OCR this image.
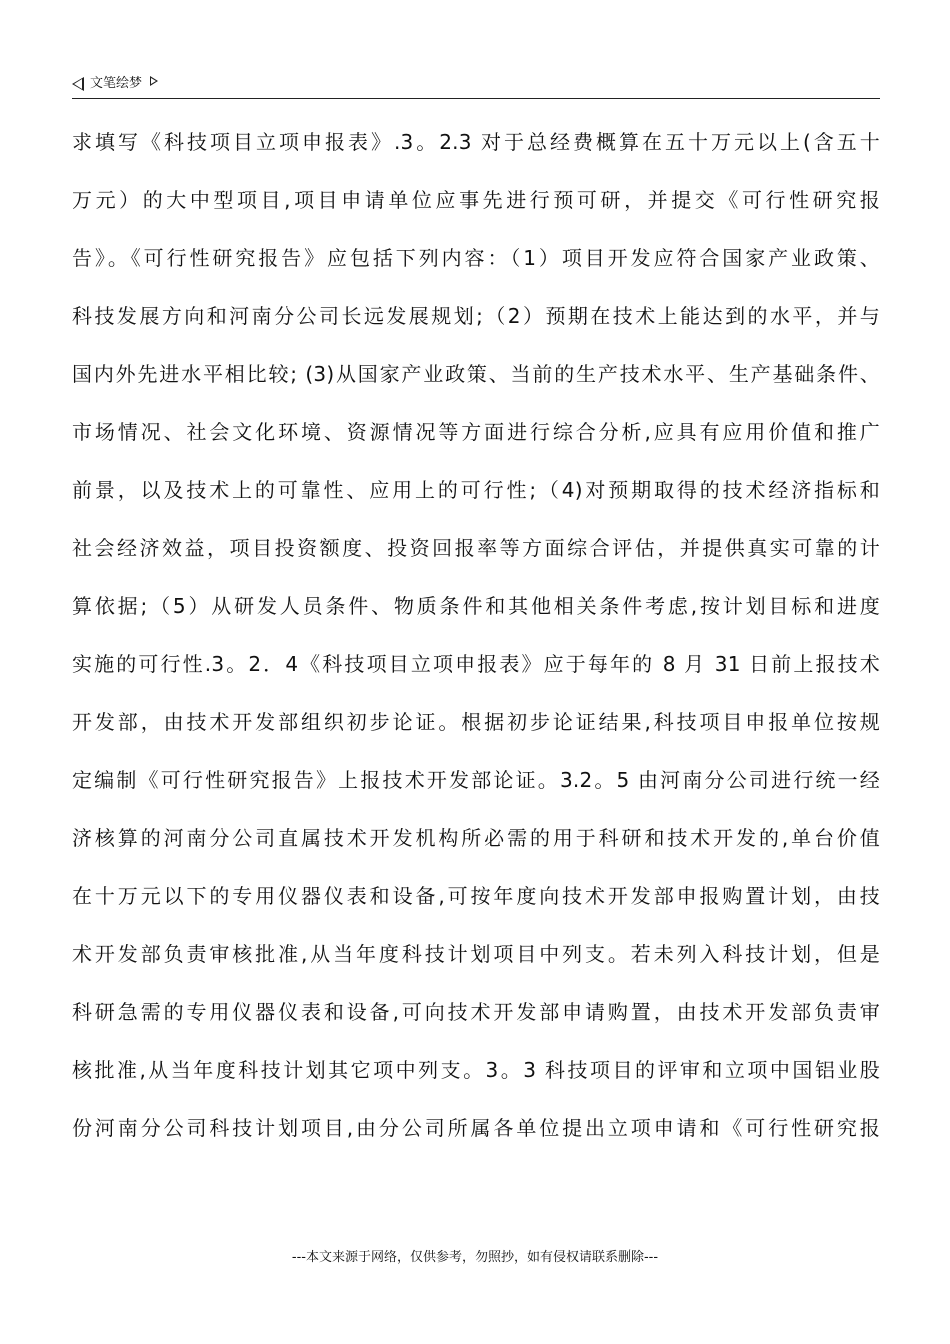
文笔绘梦
求填写《科技项目立项申报表》.3。2.3 对于总经费概算在五十万元以上(含五十
万元）的大中型项目,项目申请单位应事先进行预可研，并提交《可行性研究报
告》。《可行性研究报告》应包括下列内容：（1）项目开发应符合国家产业政策、
科技发展方向和河南分公司长远发展规划;（2）预期在技术上能达到的水平，并与
国内外先进水平相比较; (3)从国家产业政策、当前的生产技术水平、生产基础条件、
市场情况、社会文化环境、资源情况等方面进行综合分析,应具有应用价值和推广
前景，以及技术上的可靠性、应用上的可行性;（4)对预期取得的技术经济指标和
社会经济效益，项目投资额度、投资回报率等方面综合评估，并提供真实可靠的计
算依据;（5）从研发人员条件、物质条件和其他相关条件考虑,按计划目标和进度
实施的可行性.3。2．4《科技项目立项申报表》应于每年的 8 月 31 日前上报技术
开发部，由技术开发部组织初步论证。根据初步论证结果,科技项目申报单位按规
定编制《可行性研究报告》上报技术开发部论证。3.2。5 由河南分公司进行统一经
济核算的河南分公司直属技术开发机构所必需的用于科研和技术开发的,单台价值
在十万元以下的专用仪器仪表和设备,可按年度向技术开发部申报购置计划，由技
术开发部负责审核批准,从当年度科技计划项目中列支。若未列入科技计划，但是
科研急需的专用仪器仪表和设备,可向技术开发部申请购置，由技术开发部负责审
核批准,从当年度科技计划其它项中列支。3。3 科技项目的评审和立项中国铝业股
份河南分公司科技计划项目,由分公司所属各单位提出立项申请和《可行性研究报
---本文来源于网络，仅供参考，勿照抄，如有侵权请联系删除---
